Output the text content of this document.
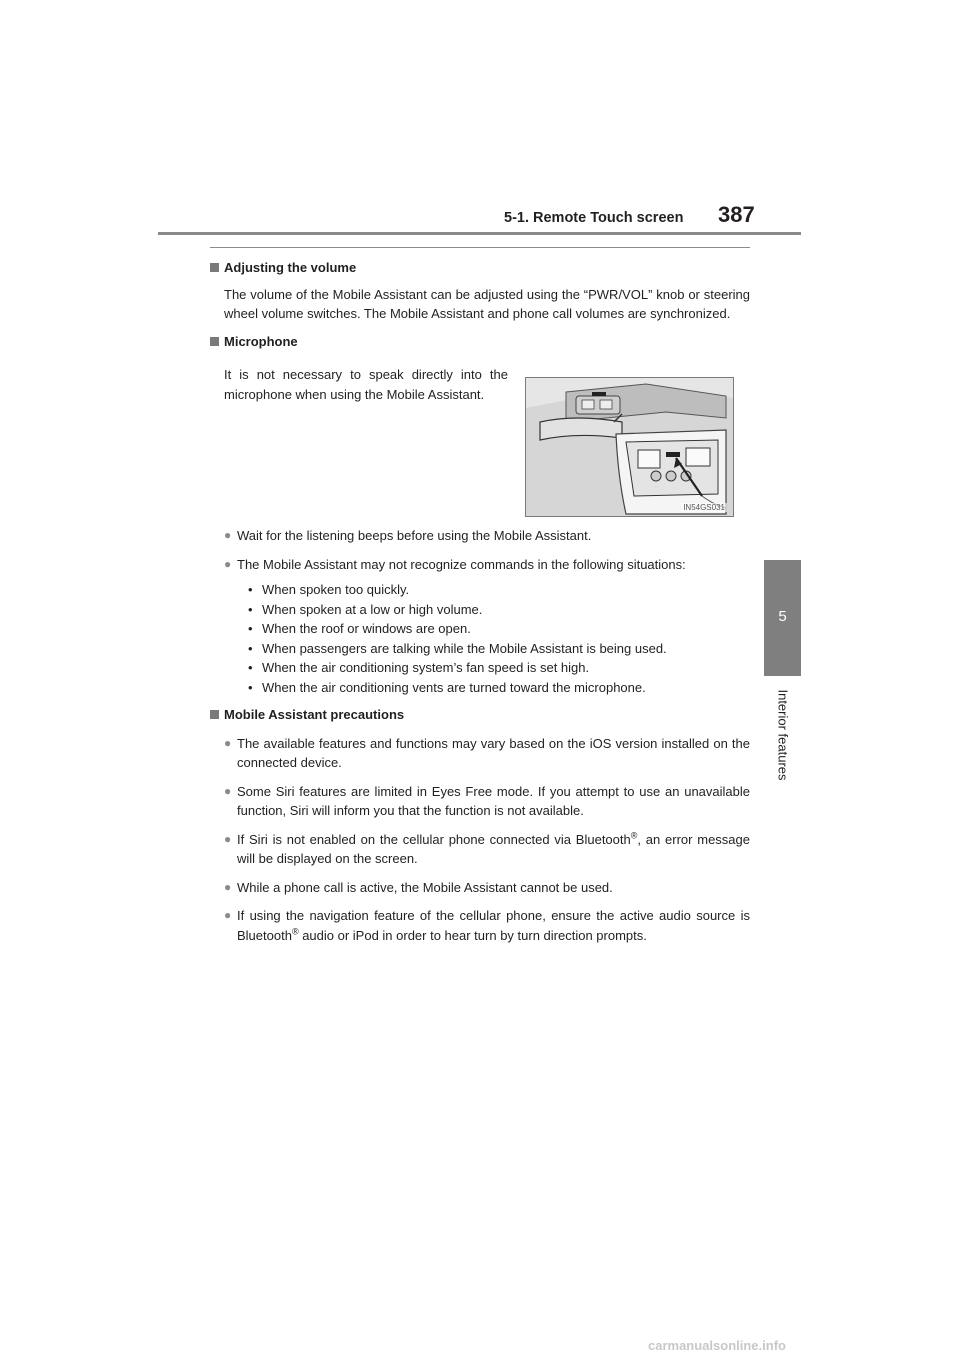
5-1. Remote Touch screen 387
5
Interior features
Adjusting the volume

The volume of the Mobile Assistant can be adjusted using the “PWR/VOL” knob or steering wheel volume switches. The Mobile Assistant and phone call volumes are synchronized.

Microphone
It is not necessary to speak directly into the microphone when using the Mobile Assistant.
● Wait for the listening beeps before using the Mobile Assistant.
● The Mobile Assistant may not recognize commands in the following situations:
• When spoken too quickly.
• When spoken at a low or high volume.
• When the roof or windows are open.
• When passengers are talking while the Mobile Assistant is being used.
• When the air conditioning system’s fan speed is set high.
• When the air conditioning vents are turned toward the microphone.
Mobile Assistant precautions
● The available features and functions may vary based on the iOS version installed on the connected device.
● Some Siri features are limited in Eyes Free mode. If you attempt to use an unavailable function, Siri will inform you that the function is not available.
● If Siri is not enabled on the cellular phone connected via Bluetooth®, an error message will be displayed on the screen.
● While a phone call is active, the Mobile Assistant cannot be used.
● If using the navigation feature of the cellular phone, ensure the active audio source is Bluetooth® audio or iPod in order to hear turn by turn direction prompts.
IN54GS031
carmanualsonline.info
